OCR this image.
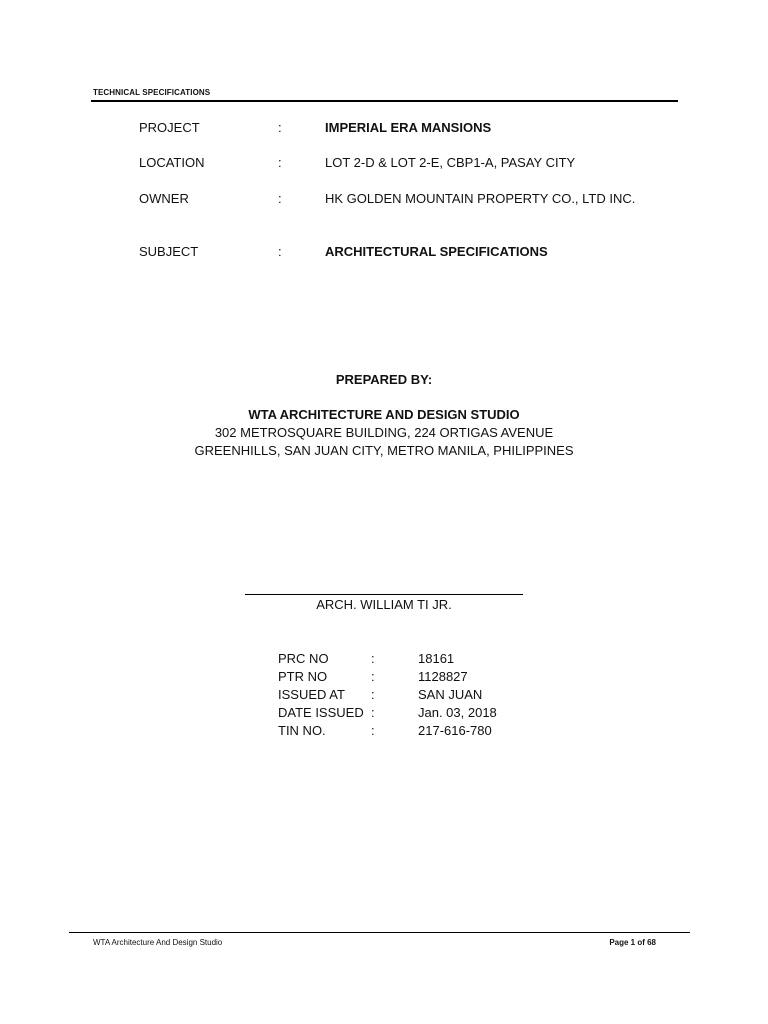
TECHNICAL SPECIFICATIONS
PROJECT	:	IMPERIAL ERA MANSIONS
LOCATION	:	LOT 2-D & LOT 2-E, CBP1-A, PASAY CITY
OWNER	:	HK GOLDEN MOUNTAIN PROPERTY CO., LTD INC.
SUBJECT	:	ARCHITECTURAL SPECIFICATIONS
PREPARED BY:
WTA ARCHITECTURE AND DESIGN STUDIO
302 METROSQUARE BUILDING, 224 ORTIGAS AVENUE
GREENHILLS, SAN JUAN CITY, METRO MANILA, PHILIPPINES
ARCH. WILLIAM TI JR.
PRC NO	:	18161
PTR NO	:	1128827
ISSUED AT :	SAN JUAN
DATE ISSUED :	Jan. 03, 2018
TIN NO.	:	217-616-780
WTA Architecture And Design Studio	Page 1 of 68
